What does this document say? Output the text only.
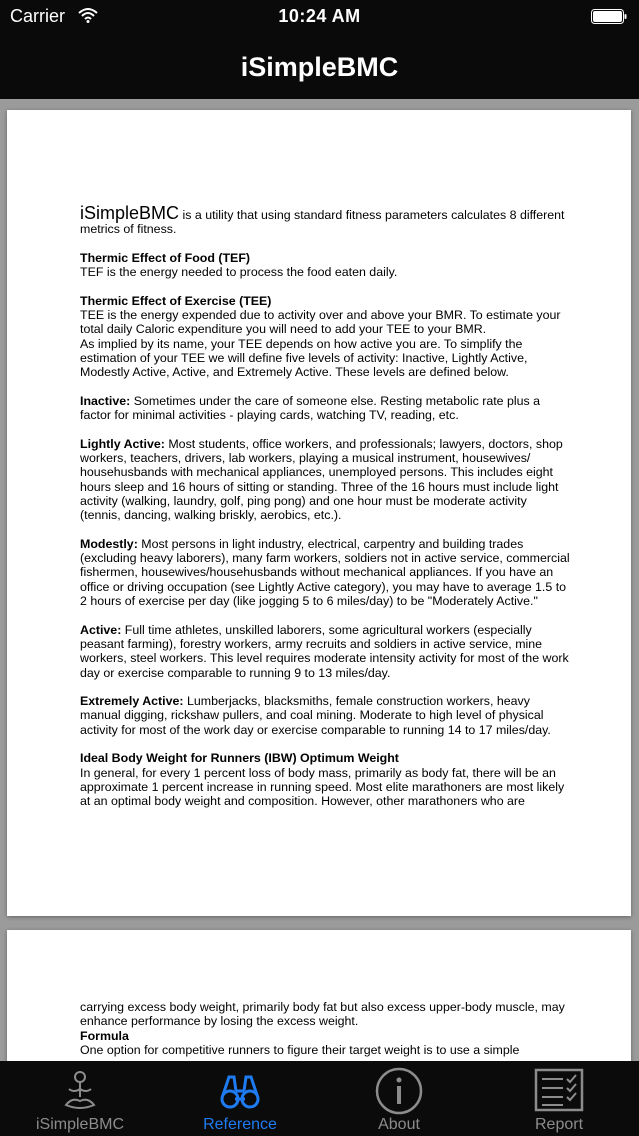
Carrier	10:24 AM
iSimpleBMC

iSimpleBMC is a utility that using standard fitness parameters calculates 8 different metrics of fitness.

Thermic Effect of Food (TEF)
TEF is the energy needed to process the food eaten daily.

Thermic Effect of Exercise (TEE)
TEE is the energy expended due to activity over and above your BMR. To estimate your total daily Caloric expenditure you will need to add your TEE to your BMR.
As implied by its name, your TEE depends on how active you are. To simplify the estimation of your TEE we will define five levels of activity: Inactive, Lightly Active, Modestly Active, Active, and Extremely Active. These levels are defined below.

Inactive: Sometimes under the care of someone else. Resting metabolic rate plus a factor for minimal activities - playing cards, watching TV, reading, etc.

Lightly Active: Most students, office workers, and professionals; lawyers, doctors, shop workers, teachers, drivers, lab workers, playing a musical instrument, housewives/ househusbands with mechanical appliances, unemployed persons. This includes eight hours sleep and 16 hours of sitting or standing. Three of the 16 hours must include light activity (walking, laundry, golf, ping pong) and one hour must be moderate activity (tennis, dancing, walking briskly, aerobics, etc.).

Modestly: Most persons in light industry, electrical, carpentry and building trades (excluding heavy laborers), many farm workers, soldiers not in active service, commercial fishermen, housewives/househusbands without mechanical appliances. If you have an office or driving occupation (see Lightly Active category), you may have to average 1.5 to 2 hours of exercise per day (like jogging 5 to 6 miles/day) to be "Moderately Active."

Active: Full time athletes, unskilled laborers, some agricultural workers (especially peasant farming), forestry workers, army recruits and soldiers in active service, mine workers, steel workers. This level requires moderate intensity activity for most of the work day or exercise comparable to running 9 to 13 miles/day.

Extremely Active: Lumberjacks, blacksmiths, female construction workers, heavy manual digging, rickshaw pullers, and coal mining. Moderate to high level of physical activity for most of the work day or exercise comparable to running 14 to 17 miles/day.

Ideal Body Weight for Runners (IBW) Optimum Weight
In general, for every 1 percent loss of body mass, primarily as body fat, there will be an approximate 1 percent increase in running speed. Most elite marathoners are most likely at an optimal body weight and composition. However, other marathoners who are

carrying excess body weight, primarily body fat but also excess upper-body muscle, may enhance performance by losing the excess weight.
Formula
One option for competitive runners to figure their target weight is to use a simple

iSimpleBMC	Reference	About	Report
